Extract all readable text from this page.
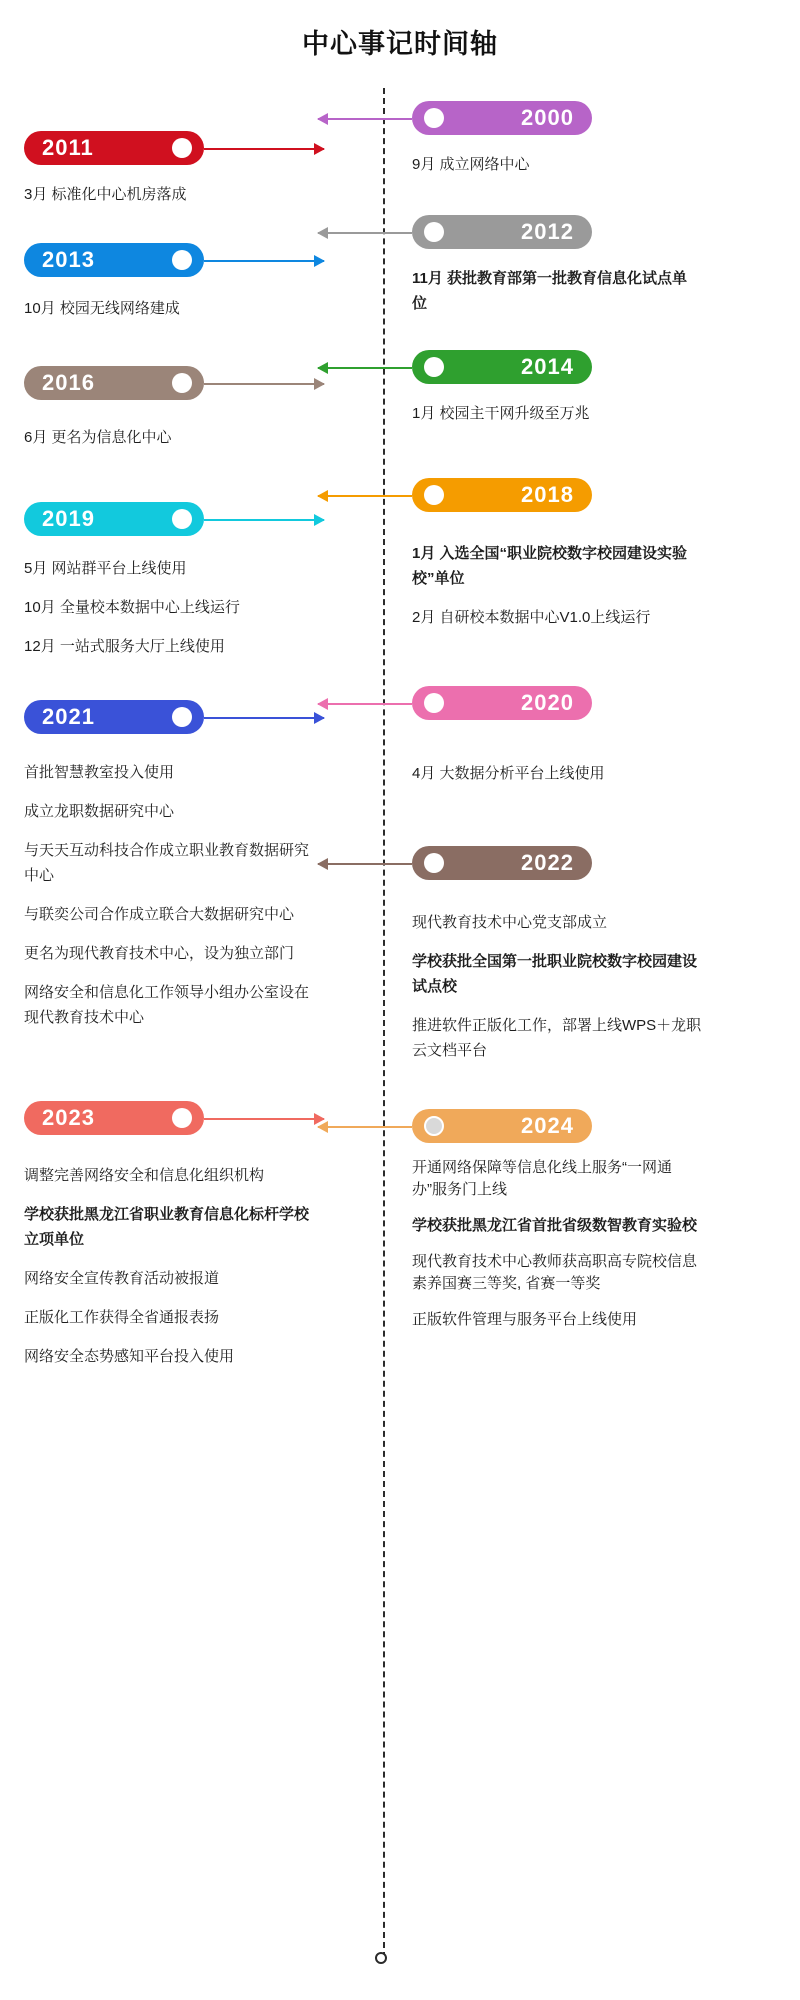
中心事记时间轴
2000

9月 成立网络中心

2011

3月 标准化中心机房落成

2012

11月 获批教育部第一批教育信息化试点单位

2013

10月 校园无线网络建成

2014

1月 校园主干网升级至万兆

2016

6月 更名为信息化中心

2018

1月 入选全国“职业院校数字校园建设实验校”单位

2月 自研校本数据中心V1.0上线运行

2019

5月 网站群平台上线使用

10月 全量校本数据中心上线运行

12月 一站式服务大厅上线使用

2020

4月 大数据分析平台上线使用

2021

首批智慧教室投入使用

成立龙职数据研究中心

与天天互动科技合作成立职业教育数据研究中心

与联奕公司合作成立联合大数据研究中心

更名为现代教育技术中心，设为独立部门

网络安全和信息化工作领导小组办公室设在现代教育技术中心

2022

现代教育技术中心党支部成立

学校获批全国第一批职业院校数字校园建设试点校

推进软件正版化工作，部署上线WPS＋龙职云文档平台

2023

调整完善网络安全和信息化组织机构

学校获批黑龙江省职业教育信息化标杆学校立项单位

网络安全宣传教育活动被报道

正版化工作获得全省通报表扬

网络安全态势感知平台投入使用

2024

开通网络保障等信息化线上服务“一网通办”服务门上线

学校获批黑龙江省首批省级数智教育实验校

现代教育技术中心教师获高职高专院校信息素养国赛三等奖, 省赛一等奖

正版软件管理与服务平台上线使用
